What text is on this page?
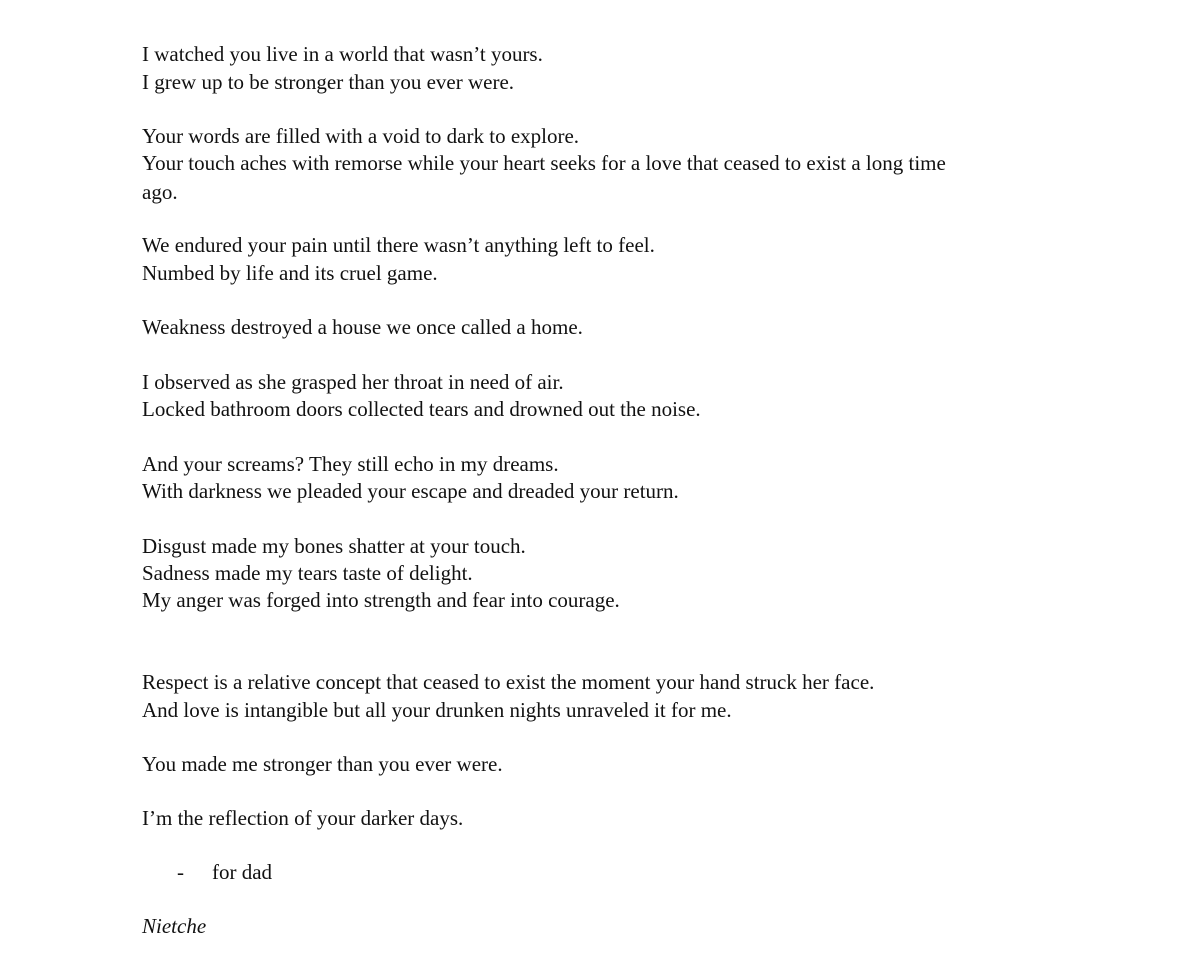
I watched you live in a world that wasn’t yours.

I grew up to be stronger than you ever were.

Your words are filled with a void to dark to explore.

Your touch aches with remorse while your heart seeks for a love that ceased to exist a long time

ago.

We endured your pain until there wasn’t anything left to feel.

Numbed by life and its cruel game.

Weakness destroyed a house we once called a home.

I observed as she grasped her throat in need of air.

Locked bathroom doors collected tears and drowned out the noise.

And your screams? They still echo in my dreams.

With darkness we pleaded your escape and dreaded your return.

Disgust made my bones shatter at your touch.

Sadness made my tears taste of delight.

My anger was forged into strength and fear into courage.

Respect is a relative concept that ceased to exist the moment your hand struck her face.

And love is intangible but all your drunken nights unraveled it for me.

You made me stronger than you ever were.

I’m the reflection of your darker days.

- for dad

Nietche
